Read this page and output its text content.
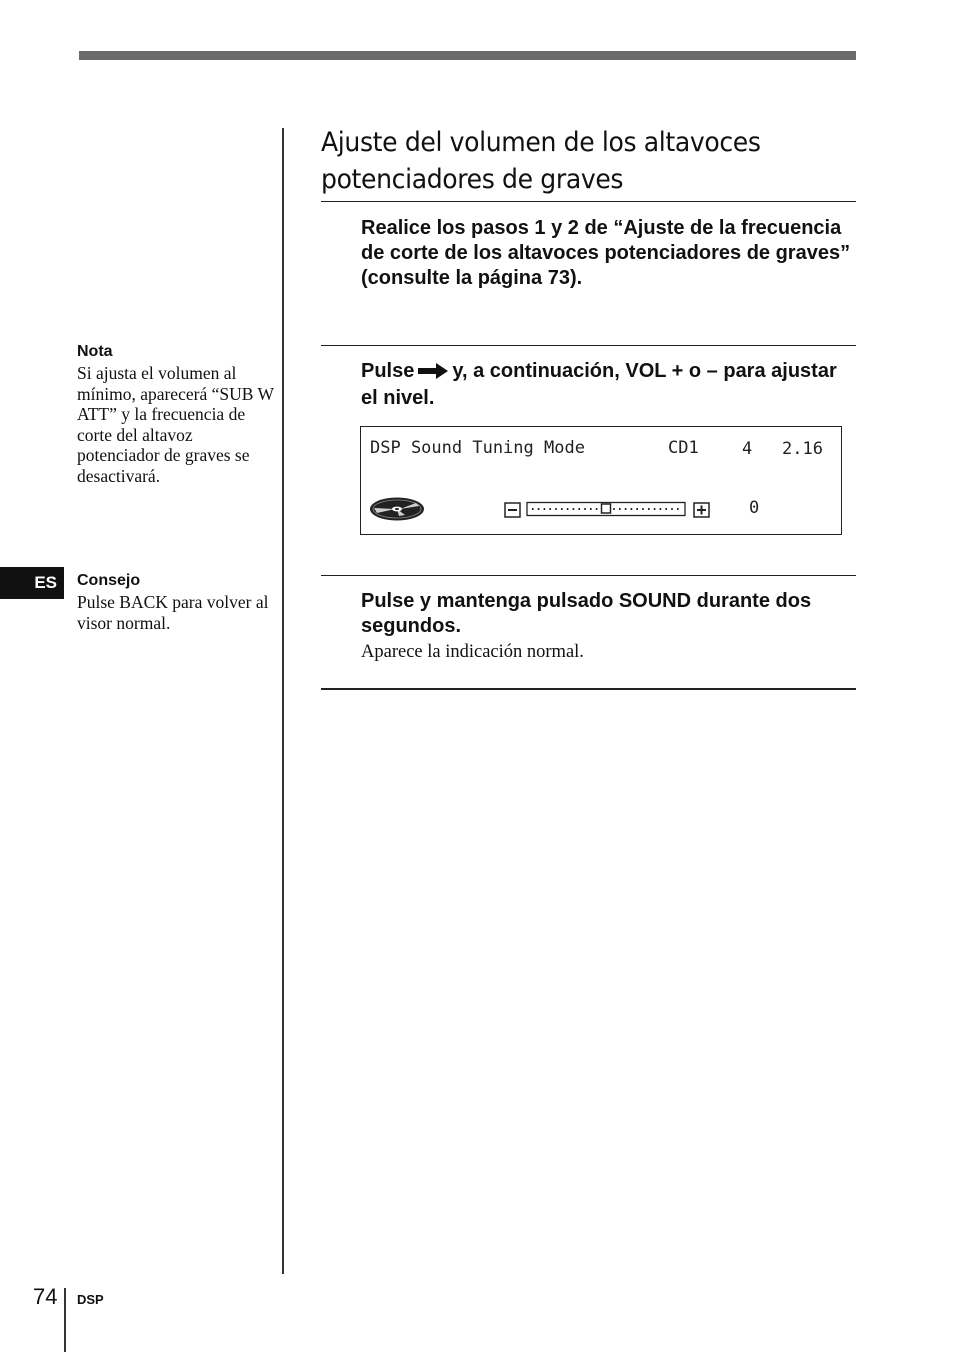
Ajuste del volumen de los altavoces potenciadores de graves

Realice los pasos 1 y 2 de “Ajuste de la frecuencia de corte de los altavoces potenciadores de graves” (consulte la página 73).

Pulse y, a continuación, VOL + o – para ajustar el nivel.

DSP Sound Tuning Mode	CD1	4 2.16
0

Pulse y mantenga pulsado SOUND durante dos segundos.

Aparece la indicación normal.

Nota

Si ajusta el volumen al mínimo, aparecerá “SUB W ATT” y la frecuencia de corte del altavoz potenciador de graves se desactivará.

ES	Consejo

Pulse BACK para volver al visor normal.

74 DSP
